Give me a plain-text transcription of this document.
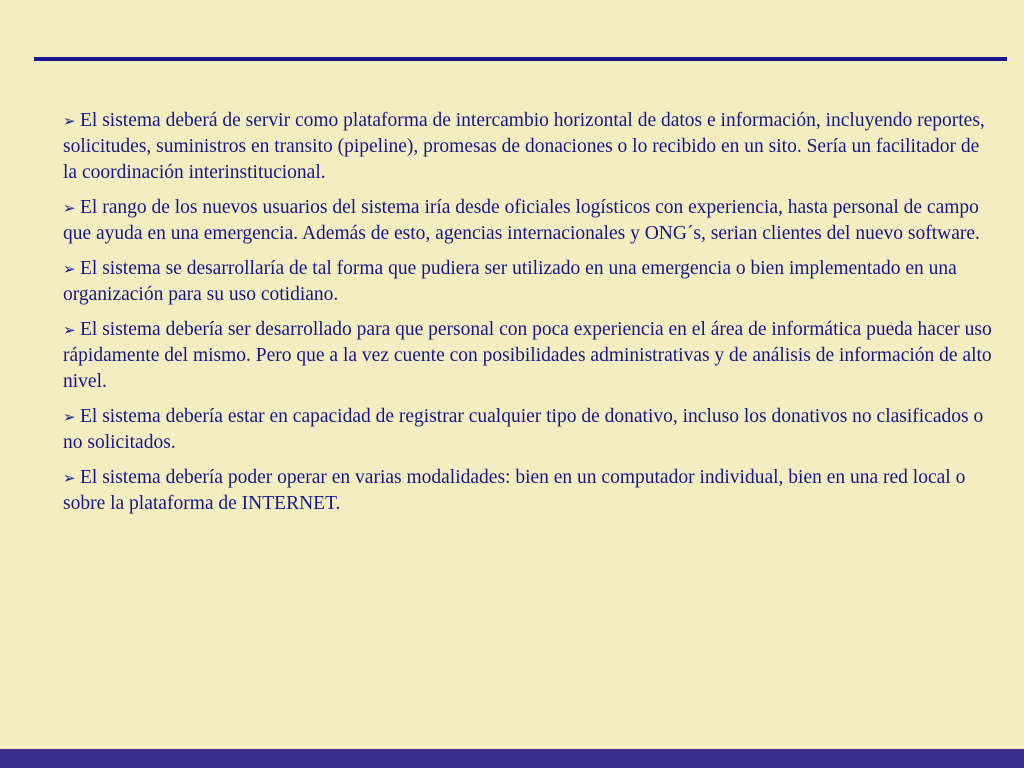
➢ El sistema deberá de servir como plataforma de intercambio horizontal de datos e información, incluyendo reportes, solicitudes, suministros en transito (pipeline), promesas de donaciones o lo recibido en un sito. Sería un facilitador de la coordinación interinstitucional.
➢ El rango de los nuevos usuarios del sistema iría desde oficiales logísticos con experiencia, hasta personal de campo que ayuda en una emergencia. Además de esto, agencias internacionales y ONG´s, serian clientes del nuevo software.
➢ El sistema se desarrollaría de tal forma que pudiera ser utilizado en una emergencia o bien implementado en una organización para su uso cotidiano.
➢ El sistema debería ser desarrollado para que personal con poca experiencia en el área de informática pueda hacer uso rápidamente del mismo. Pero que a la vez cuente con posibilidades administrativas y de análisis de información de alto nivel.
➢ El sistema debería estar en capacidad de registrar cualquier tipo de donativo, incluso los donativos no clasificados o no solicitados.
➢ El sistema debería poder operar en varias modalidades: bien en un computador individual, bien en una red local o sobre la plataforma de INTERNET.
